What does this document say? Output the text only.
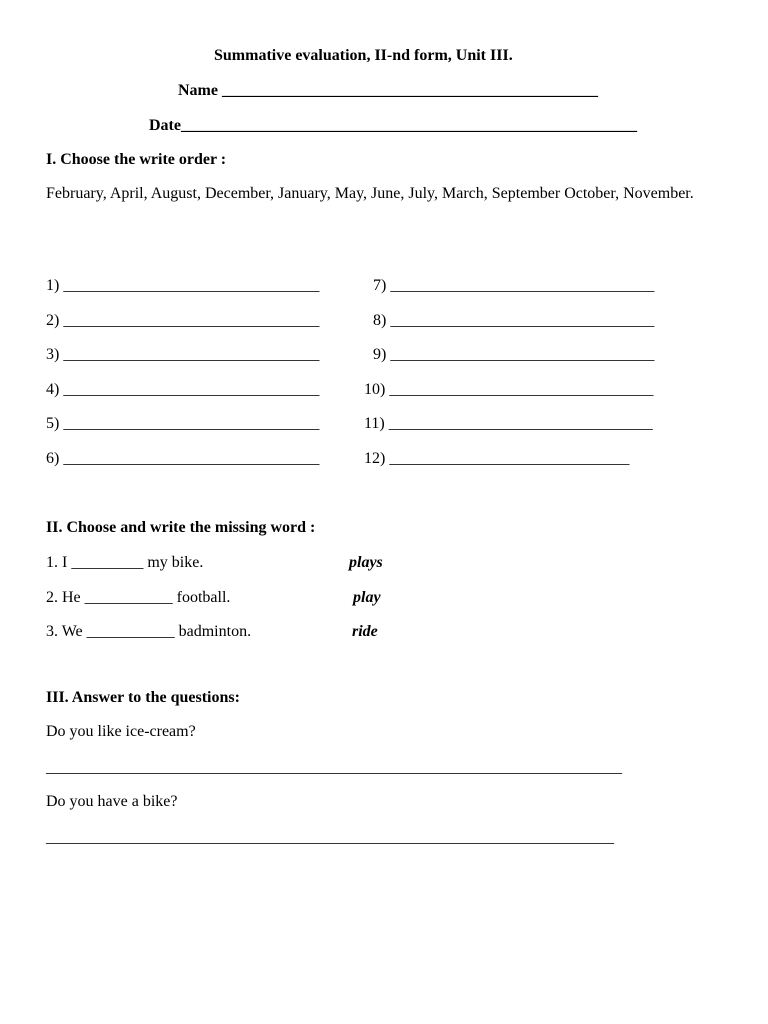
Summative evaluation, II-nd form, Unit III.
Name _______________________________________________
Date_________________________________________________________
I. Choose the write order :
February, April, August, December, January, May, June, July, March, September October, November.
1) ________________________________
2) ________________________________
3) ________________________________
4) ________________________________
5) ________________________________
6) ________________________________
7) _________________________________
8) _________________________________
9) _________________________________
10) _________________________________
11) _________________________________
12) ______________________________
II. Choose and write the missing word :
1. I _________ my bike.
2. He ___________ football.
3. We ___________ badminton.
plays
play
ride
III. Answer to the questions:
Do you like ice-cream?
________________________________________________________________________
Do you have a bike?
_______________________________________________________________________
